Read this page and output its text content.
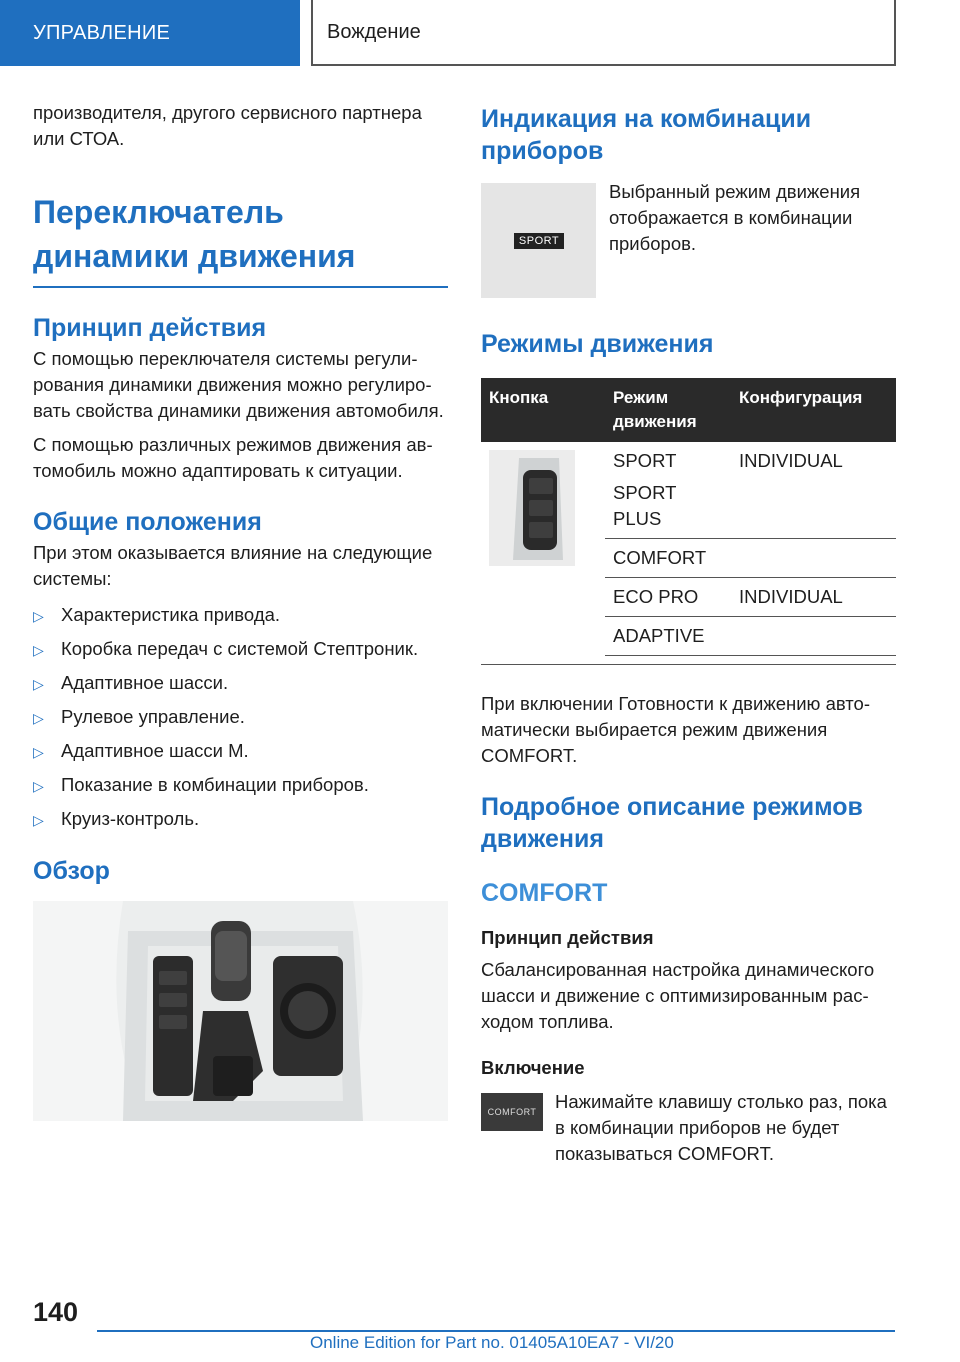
УПРАВЛЕНИЕ	Вождение

производителя, другого сервисного партнера или СТОА.

Переключатель динамики движения
Принцип действия

С помощью переключателя системы регулирования динамики движения можно регулировать свойства динамики движения автомобиля.

С помощью различных режимов движения автомобиль можно адаптировать к ситуации.

Общие положения

При этом оказывается влияние на следующие системы:

▷ Характеристика привода.
▷ Коробка передач с системой Стептроник.
▷ Адаптивное шасси.
▷ Рулевое управление.
▷ Адаптивное шасси M.
▷ Показание в комбинации приборов.
▷ Круиз-контроль.
Обзор
Индикация на комбинации приборов
SPORT

Выбранный режим движения отображается в комбинации приборов.

Режимы движения
Кнопка	Режим движения	Конфигурация
	SPORT	INDIVIDUAL
	SPORT PLUS	
	COMFORT	
	ECO PRO	INDIVIDUAL
	ADAPTIVE	

При включении Готовности к движению автоматически выбирается режим движения COMFORT.

Подробное описание режимов движения
COMFORT
Принцип действия

Сбалансированная настройка динамического шасси и движение с оптимизированным расходом топлива.

Включение
COMFORT	Нажимайте клавишу столько раз, пока в комбинации приборов не будет показываться COMFORT.

140
Online Edition for Part no. 01405A10EA7 - VI/20
